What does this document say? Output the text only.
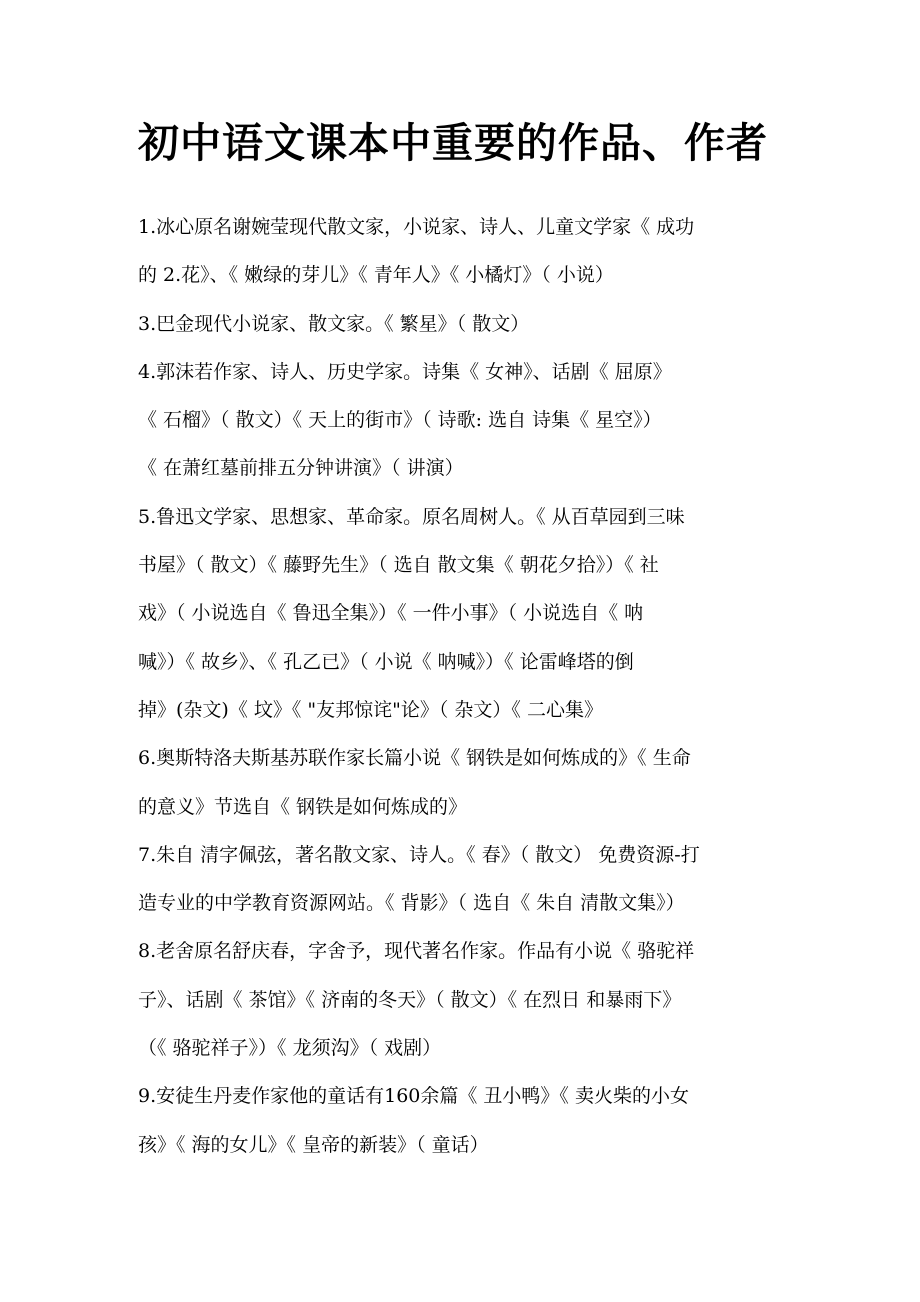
初中语文课本中重要的作品、作者
1.冰心原名谢婉莹现代散文家，小说家、诗人、儿童文学家《 成功
的 2.花》、《 嫩绿的芽儿》《 青年人》《 小橘灯》（ 小说）
3.巴金现代小说家、散文家。《 繁星》（ 散文）
4.郭沫若作家、诗人、历史学家。诗集《 女神》、话剧《 屈原》
《 石榴》（ 散文）《 天上的街市》（ 诗歌: 选自 诗集《 星空》）
《 在萧红墓前排五分钟讲演》（ 讲演）
5.鲁迅文学家、思想家、革命家。原名周树人。《 从百草园到三味
书屋》（ 散文）《 藤野先生》（ 选自 散文集《 朝花夕拾》）《 社
戏》（ 小说选自《 鲁迅全集》）《 一件小事》（ 小说选自《 呐
喊》）《 故乡》、《 孔乙已》（ 小说《 呐喊》）《 论雷峰塔的倒
掉》(杂文)《 坟》《 "友邦惊诧"论》（ 杂文）《 二心集》
6.奥斯特洛夫斯基苏联作家长篇小说《 钢铁是如何炼成的》《 生命
的意义》节选自《 钢铁是如何炼成的》
7.朱自 清字佩弦，著名散文家、诗人。《 春》（ 散文） 免费资源-打
造专业的中学教育资源网站。《 背影》（ 选自《 朱自 清散文集》）
8.老舍原名舒庆春，字舍予，现代著名作家。作品有小说《 骆驼祥
子》、话剧《 茶馆》《 济南的冬天》（ 散文）《 在烈日 和暴雨下》
（《 骆驼祥子》）《 龙须沟》（ 戏剧）
9.安徒生丹麦作家他的童话有160余篇《 丑小鸭》《 卖火柴的小女
孩》《 海的女儿》《 皇帝的新装》（ 童话）
